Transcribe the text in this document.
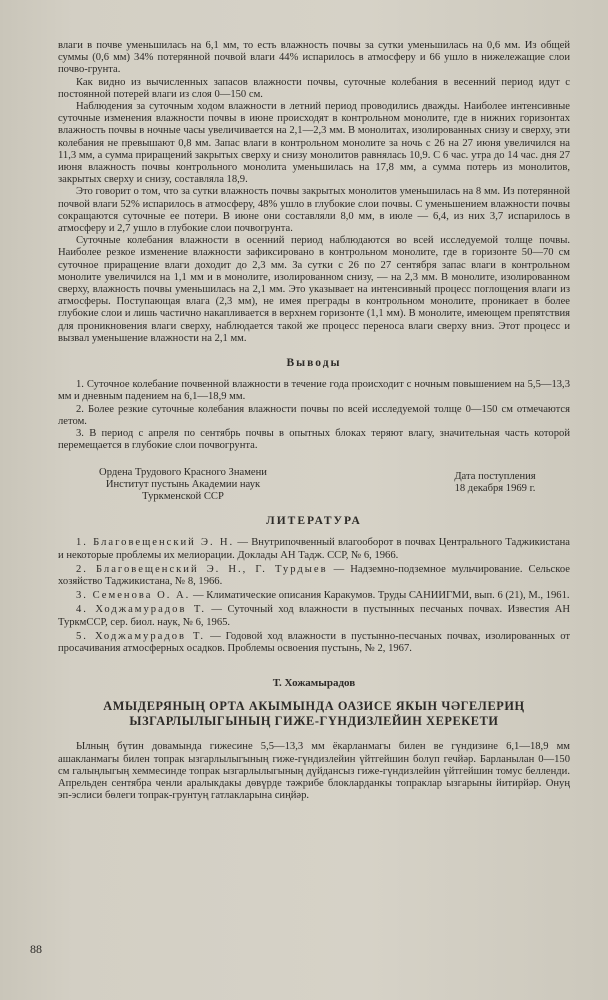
влаги в почве уменьшилась на 6,1 мм, то есть влажность почвы за сутки уменьшилась на 0,6 мм. Из общей суммы (0,6 мм) 34% потерянной почвой влаги 44% испарилось в атмосферу и 66 ушло в нижележащие слои почво-грунта.

Как видно из вычисленных запасов влажности почвы, суточные колебания в весенний период идут с постоянной потерей влаги из слоя 0—150 см.

Наблюдения за суточным ходом влажности в летний период проводились дважды. Наиболее интенсивные суточные изменения влажности почвы в июне происходят в контрольном монолите, где в нижних горизонтах влажность почвы в ночные часы увеличивается на 2,1—2,3 мм. В монолитах, изолированных снизу и сверху, эти колебания не превышают 0,8 мм. Запас влаги в контрольном монолите за ночь с 26 на 27 июня увеличился на 11,3 мм, а сумма приращений закрытых сверху и снизу монолитов равнялась 10,9. С 6 час. утра до 14 час. дня 27 июня влажность почвы контрольного монолита уменьшилась на 17,8 мм, а сумма потерь из монолитов, закрытых сверху и снизу, составляла 18,9.

Это говорит о том, что за сутки влажность почвы закрытых монолитов уменьшилась на 8 мм. Из потерянной почвой влаги 52% испарилось в атмосферу, 48% ушло в глубокие слои почвы. С уменьшением влажности почвы сокращаются суточные ее потери. В июне они составляли 8,0 мм, в июле — 6,4, из них 3,7 испарилось в атмосферу и 2,7 ушло в глубокие слои почвогрунта.

Суточные колебания влажности в осенний период наблюдаются во всей исследуемой толще почвы. Наиболее резкое изменение влажности зафиксировано в контрольном монолите, где в горизонте 50—70 см суточное приращение влаги доходит до 2,3 мм. За сутки с 26 по 27 сентября запас влаги в контрольном монолите увеличился на 1,1 мм и в монолите, изолированном снизу, — на 2,3 мм. В монолите, изолированном сверху, влажность почвы уменьшилась на 2,1 мм. Это указывает на интенсивный процесс поглощения влаги из атмосферы. Поступающая влага (2,3 мм), не имея преграды в контрольном монолите, проникает в более глубокие слои и лишь частично накапливается в верхнем горизонте (1,1 мм). В монолите, имеющем препятствия для проникновения влаги сверху, наблюдается такой же процесс переноса влаги сверху вниз. Этот процесс и вызвал уменьшение влажности на 2,1 мм.

Выводы

1. Суточное колебание почвенной влажности в течение года происходит с ночным повышением на 5,5—13,3 мм и дневным падением на 6,1—18,9 мм.

2. Более резкие суточные колебания влажности почвы по всей исследуемой толще 0—150 см отмечаются летом.

3. В период с апреля по сентябрь почвы в опытных блоках теряют влагу, значительная часть которой перемещается в глубокие слои почвогрунта.

Ордена Трудового Красного Знамени
Институт пустынь Академии наук
Туркменской ССР
Дата поступления
18 декабря 1969 г.
ЛИТЕРАТУРА

1. Благовещенский Э. Н. — Внутрипочвенный влагооборот в почвах Центрального Таджикистана и некоторые проблемы их мелиорации. Доклады АН Тадж. ССР, № 6, 1966.

2. Благовещенский Э. Н., Г. Турдыев — Надземно-подземное мульчирование. Сельское хозяйство Таджикистана, № 8, 1966.

3. Семенова О. А. — Климатические описания Каракумов. Труды САНИИГМИ, вып. 6 (21), М., 1961.

4. Ходжамурадов Т. — Суточный ход влажности в пустынных песчаных почвах. Известия АН ТуркмССР, сер. биол. наук, № 6, 1965.

5. Ходжамурадов Т. — Годовой ход влажности в пустынно-песчаных почвах, изолированных от просачивания атмосферных осадков. Проблемы освоения пустынь, № 2, 1967.

Т. Хожамырадов
АМЫДЕРЯНЫҢ ОРТА АКЫМЫНДА ОАЗИСЕ ЯКЫН ЧӘГЕЛЕРИҢ ЫЗГАРЛЫЛЫГЫНЫҢ ГИЖЕ-ГҮНДИЗЛЕЙИН ХЕРЕКЕТИ

Ылның бүтин довамында гижесине 5,5—13,3 мм ёкарланмагы билен ве гүндизине 6,1—18,9 мм ашакланмагы билен топрак ызгарлылыгының гиже-гүндизлейин үйтгейшин болуп гечйәр. Барланылан 0—150 см галыңлыгың хеммесинде топрак ызгарлылыгының дүйдансыз гиже-гүндизлейин үйтгейшин томус белленди. Апрельден сентябра ченли аралыкдакы дөвүрде тәжрибе блокларданкы топраклар ызгарыны йитирйәр. Онуң эп-эслиси бөлеги топрак-грунтуң гатлакларына сиңйәр.

88
